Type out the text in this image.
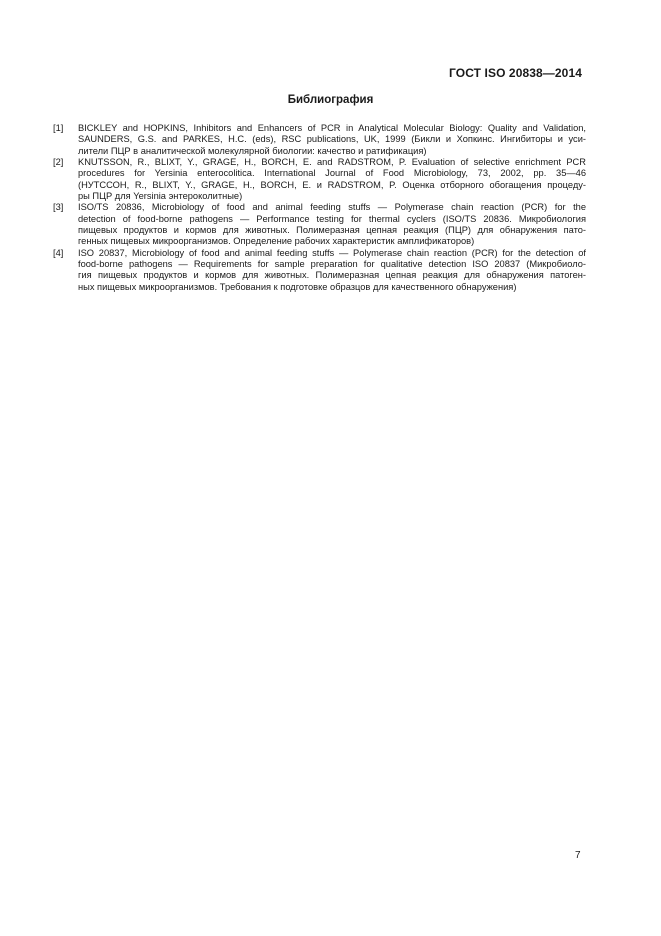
ГОСТ ISO 20838—2014
Библиография
[1]	BICKLEY and HOPKINS, Inhibitors and Enhancers of PCR in Analytical Molecular Biology: Quality and Validation,
SAUNDERS, G.S. and PARKES, H.C. (eds), RSC publications, UK, 1999 (Бикли и Хопкинс. Ингибиторы и уси-
лители ПЦР в аналитической молекулярной биологии: качество и ратификация)
[2]	KNUTSSON, R., BLIXT, Y., GRAGE, H., BORCH, E. and RADSTROM, P. Evaluation of selective enrichment PCR
procedures for Yersinia enterocolitica. International Journal of Food Microbiology, 73, 2002, pp. 35—46
(НУТССОН, R., BLIXT, Y., GRAGE, H., BORCH, E. и RADSTROM, P. Оценка отборного обогащения процеду-
ры ПЦР для Yersinia энтероколитные)
[3]	ISO/TS 20836, Microbiology of food and animal feeding stuffs — Polymerase chain reaction (PCR) for the
detection of food-borne pathogens — Performance testing for thermal cyclers (ISO/TS 20836. Микробиология
пищевых продуктов и кормов для животных. Полимеразная цепная реакция (ПЦР) для обнаружения пато-
генных пищевых микроорганизмов. Определение рабочих характеристик амплификаторов)
[4]	ISO 20837, Microbiology of food and animal feeding stuffs — Polymerase chain reaction (PCR) for the detection of
food-borne pathogens — Requirements for sample preparation for qualitative detection ISO 20837 (Микробиоло-
гия пищевых продуктов и кормов для животных. Полимеразная цепная реакция для обнаружения патоген-
ных пищевых микроорганизмов. Требования к подготовке образцов для качественного обнаружения)
7
